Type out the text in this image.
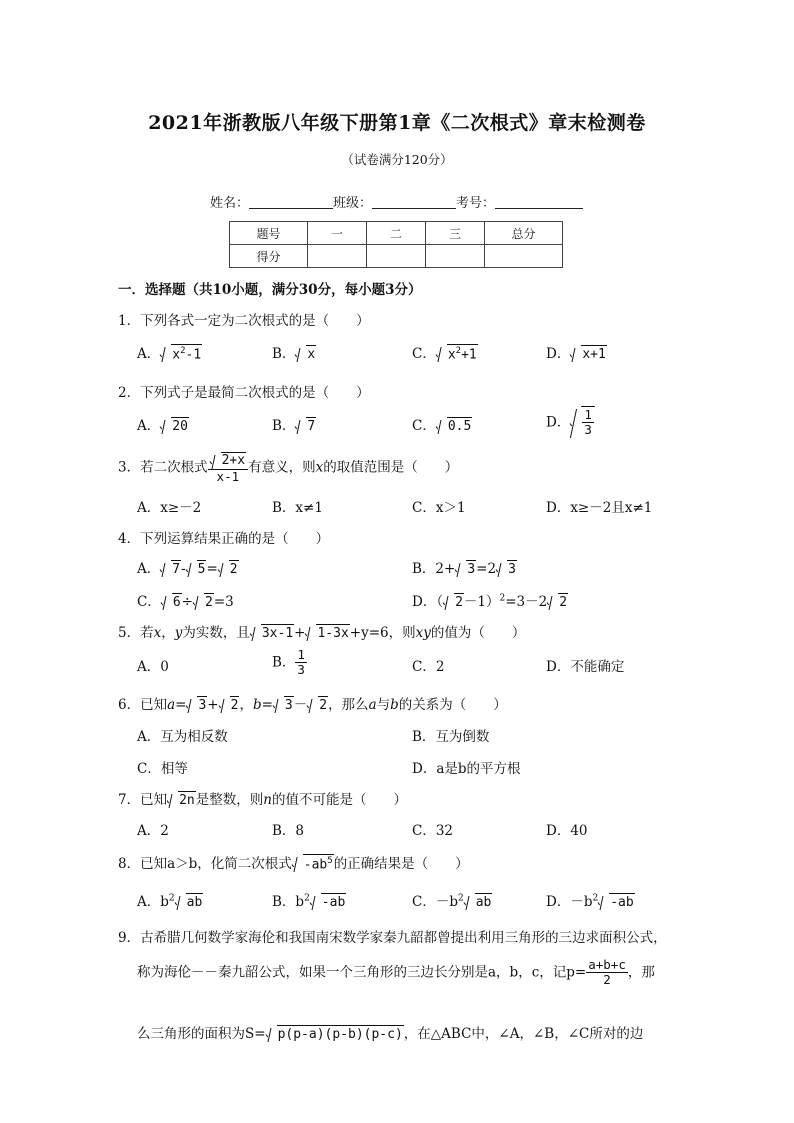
2021年浙教版八年级下册第1章《二次根式》章末检测卷
（试卷满分120分）
姓名：	班级：	考号：
题号	一	二	三	总分
得分				
一．选择题（共10小题，满分30分，每小题3分）
1．下列各式一定为二次根式的是（　　）
A． $x^2-1$	B． x	C． $x^2+1$	D． x+1
2．下列式子是最简二次根式的是（　　）
A． 20	B． 7	C． 0.5	D． $\frac{1}{3}$
3．若二次根式 $\frac{2+x}{x-1}$ 有意义，则x的取值范围是（　　）
A．x≥－2	B．x≠1	C．x＞1	D．x≥－2且x≠1
4．下列运算结果正确的是（　　）
A． 7- 5= 2	B．2+ 3=2 3
C． 6÷ 2=3	D．（ 2－1）$^2$=3－2 2
5．若x，y为实数，且 3x-1+ 1-3x+y=6，则xy的值为（　　）
A．0	B． $\frac{1}{3}$	C．2	D．不能确定
6．已知a= 3+ 2，b= 3－ 2，那么a与b的关系为（　　）
A．互为相反数	B．互为倒数
C．相等	D．a是b的平方根
7．已知 2n是整数，则n的值不可能是（　　）
A．2	B．8	C．32	D．40
8．已知a＞b，化简二次根式 $-ab^5$的正确结果是（　　）
A．$b^2$ ab	B．$b^2$ -ab	C．$-b^2$ ab	D．$-b^2$ -ab
9．古希腊几何数学家海伦和我国南宋数学家秦九韶都曾提出利用三角形的三边求面积公式，
称为海伦－－秦九韶公式，如果一个三角形的三边长分别是a，b，c，记$p= \frac{a+b+c}{2}$ ，那
么三角形的面积为S= p(p-a)(p-b)(p-c)，在△ABC中，∠A，∠B，∠C所对的边
